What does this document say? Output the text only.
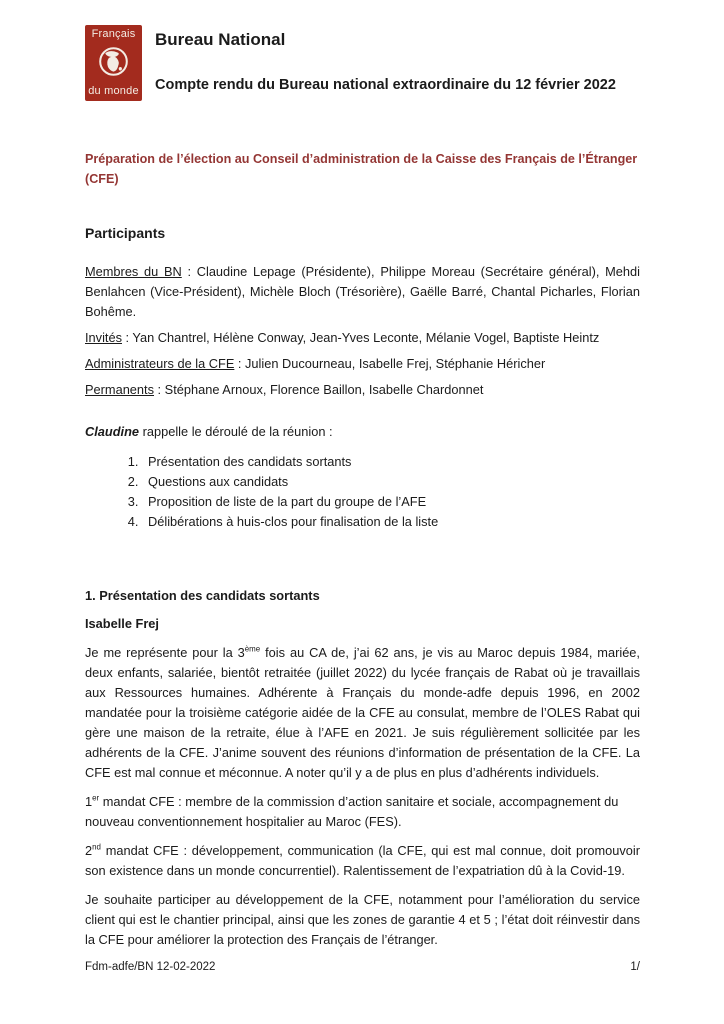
Français
du monde
Bureau National
Compte rendu du Bureau national extraordinaire du 12 février 2022

Préparation de l’élection au Conseil d’administration de la Caisse des Français de l’Étranger (CFE)

Participants

Membres du BN : Claudine Lepage (Présidente), Philippe Moreau (Secrétaire général), Mehdi Benlahcen (Vice-Président), Michèle Bloch (Trésorière), Gaëlle Barré, Chantal Picharles, Florian Bohême.

Invités : Yan Chantrel, Hélène Conway, Jean-Yves Leconte, Mélanie Vogel, Baptiste Heintz

Administrateurs de la CFE : Julien Ducourneau, Isabelle Frej, Stéphanie Héricher

Permanents : Stéphane Arnoux, Florence Baillon, Isabelle Chardonnet

Claudine rappelle le déroulé de la réunion :

1. Présentation des candidats sortants
2. Questions aux candidats
3. Proposition de liste de la part du groupe de l’AFE
4. Délibérations à huis-clos pour finalisation de la liste

1. Présentation des candidats sortants

Isabelle Frej

Je me représente pour la 3ème fois au CA de, j’ai 62 ans, je vis au Maroc depuis 1984, mariée, deux enfants, salariée, bientôt retraitée (juillet 2022) du lycée français de Rabat où je travaillais aux Ressources humaines. Adhérente à Français du monde-adfe depuis 1996, en 2002 mandatée pour la troisième catégorie aidée de la CFE au consulat, membre de l’OLES Rabat qui gère une maison de la retraite, élue à l’AFE en 2021. Je suis régulièrement sollicitée par les adhérents de la CFE. J’anime souvent des réunions d’information de présentation de la CFE. La CFE est mal connue et méconnue. A noter qu’il y a de plus en plus d’adhérents individuels.

1er mandat CFE : membre de la commission d’action sanitaire et sociale, accompagnement du nouveau conventionnement hospitalier au Maroc (FES).

2nd mandat CFE : développement, communication (la CFE, qui est mal connue, doit promouvoir son existence dans un monde concurrentiel). Ralentissement de l’expatriation dû à la Covid-19.

Je souhaite participer au développement de la CFE, notamment pour l’amélioration du service client qui est le chantier principal, ainsi que les zones de garantie 4 et 5 ; l’état doit réinvestir dans la CFE pour améliorer la protection des Français de l’étranger.

Fdm-adfe/BN 12-02-2022	1/
